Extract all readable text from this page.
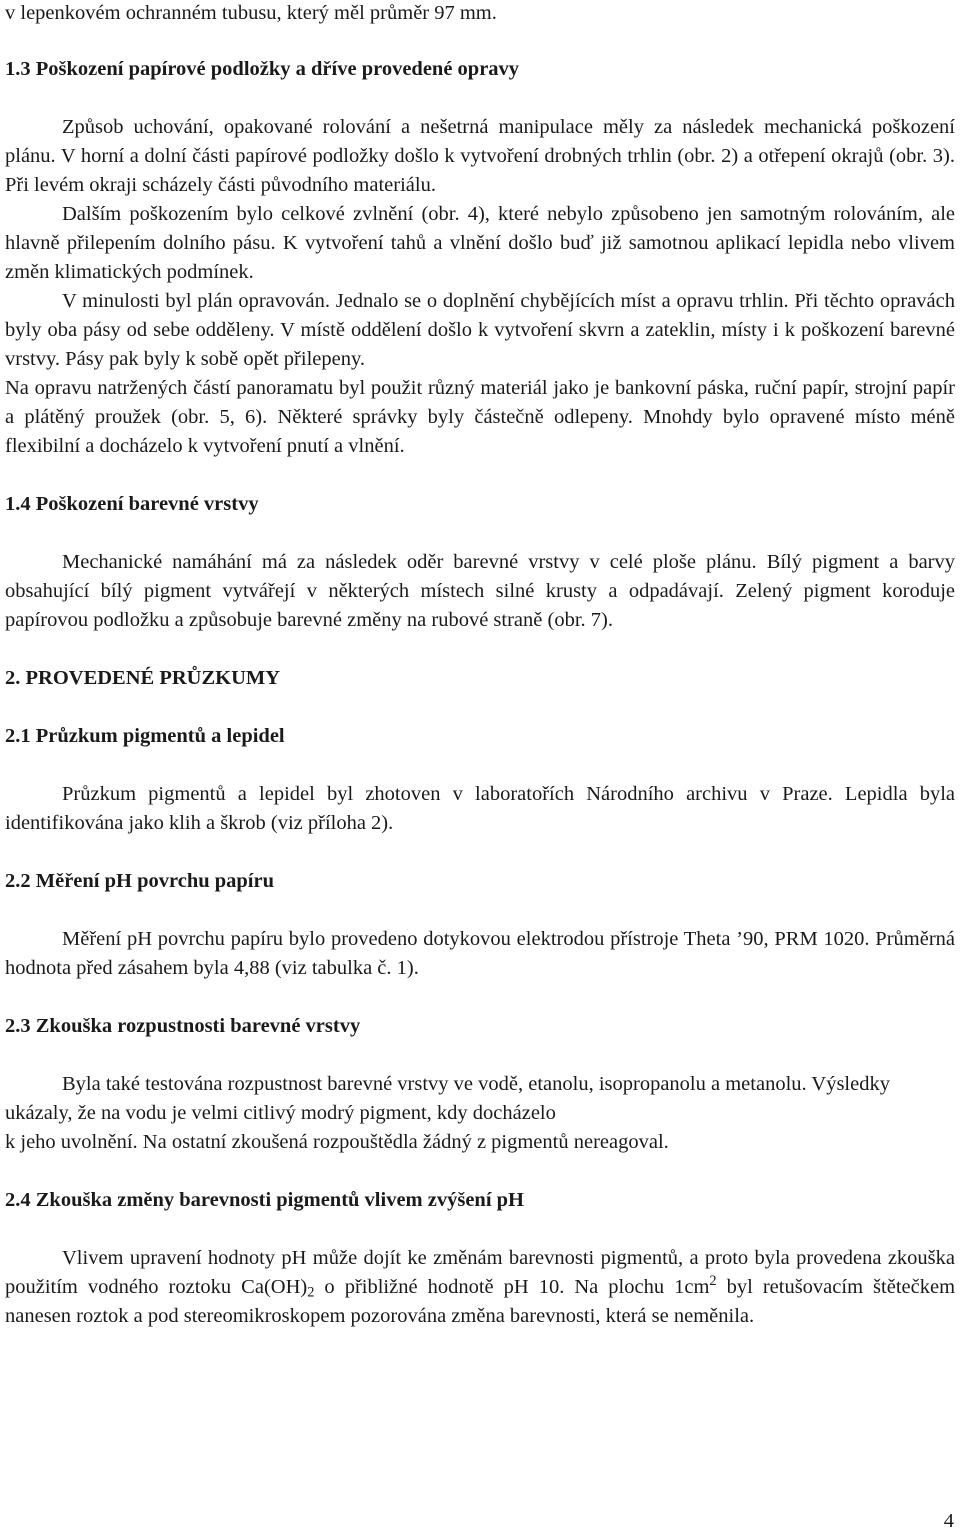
v lepenkovém ochranném tubusu, který měl průměr 97 mm.

1.3 Poškození papírové podložky a dříve provedené opravy

Způsob uchování, opakované rolování a nešetrná manipulace měly za následek mechanická poškození plánu. V horní a dolní části papírové podložky došlo k vytvoření drobných trhlin (obr. 2) a otřepení okrajů (obr. 3). Při levém okraji scházely části původního materiálu.

Dalším poškozením bylo celkové zvlnění (obr. 4), které nebylo způsobeno jen samotným rolováním, ale hlavně přilepením dolního pásu. K vytvoření tahů a vlnění došlo buď již samotnou aplikací lepidla nebo vlivem změn klimatických podmínek.

V minulosti byl plán opravován. Jednalo se o doplnění chybějících míst a opravu trhlin. Při těchto opravách byly oba pásy od sebe odděleny. V místě oddělení došlo k vytvoření skvrn a zateklin, místy i k poškození barevné vrstvy. Pásy pak byly k sobě opět přilepeny.

Na opravu natržených částí panoramatu byl použit různý materiál jako je bankovní páska, ruční papír, strojní papír a plátěný proužek (obr. 5, 6). Některé správky byly částečně odlepeny. Mnohdy bylo opravené místo méně flexibilní a docházelo k vytvoření pnutí a vlnění.

1.4 Poškození barevné vrstvy

Mechanické namáhání má za následek oděr barevné vrstvy v celé ploše plánu. Bílý pigment a barvy obsahující bílý pigment vytvářejí v některých místech silné krusty a odpadávají. Zelený pigment koroduje papírovou podložku a způsobuje barevné změny na rubové straně (obr. 7).

2. PROVEDENÉ PRŮZKUMY
2.1 Průzkum pigmentů a lepidel

Průzkum pigmentů a lepidel byl zhotoven v laboratořích Národního archivu v Praze. Lepidla byla identifikována jako klih a škrob (viz příloha 2).

2.2 Měření pH povrchu papíru

Měření pH povrchu papíru bylo provedeno dotykovou elektrodou přístroje Theta ’90, PRM 1020. Průměrná hodnota před zásahem byla 4,88 (viz tabulka č. 1).

2.3 Zkouška rozpustnosti barevné vrstvy

Byla také testována rozpustnost barevné vrstvy ve vodě, etanolu, isopropanolu a metanolu. Výsledky ukázaly, že na vodu je velmi citlivý modrý pigment, kdy docházelo

k jeho uvolnění. Na ostatní zkoušená rozpouštědla žádný z pigmentů nereagoval.

2.4 Zkouška změny barevnosti pigmentů vlivem zvýšení pH

Vlivem upravení hodnoty pH může dojít ke změnám barevnosti pigmentů, a proto byla provedena zkouška použitím vodného roztoku $Ca(OH)_2$ o přibližné hodnotě pH 10. Na plochu $1cm^2$ byl retušovacím štětečkem nanesen roztok a pod stereomikroskopem pozorována změna barevnosti, která se neměnila.

4
